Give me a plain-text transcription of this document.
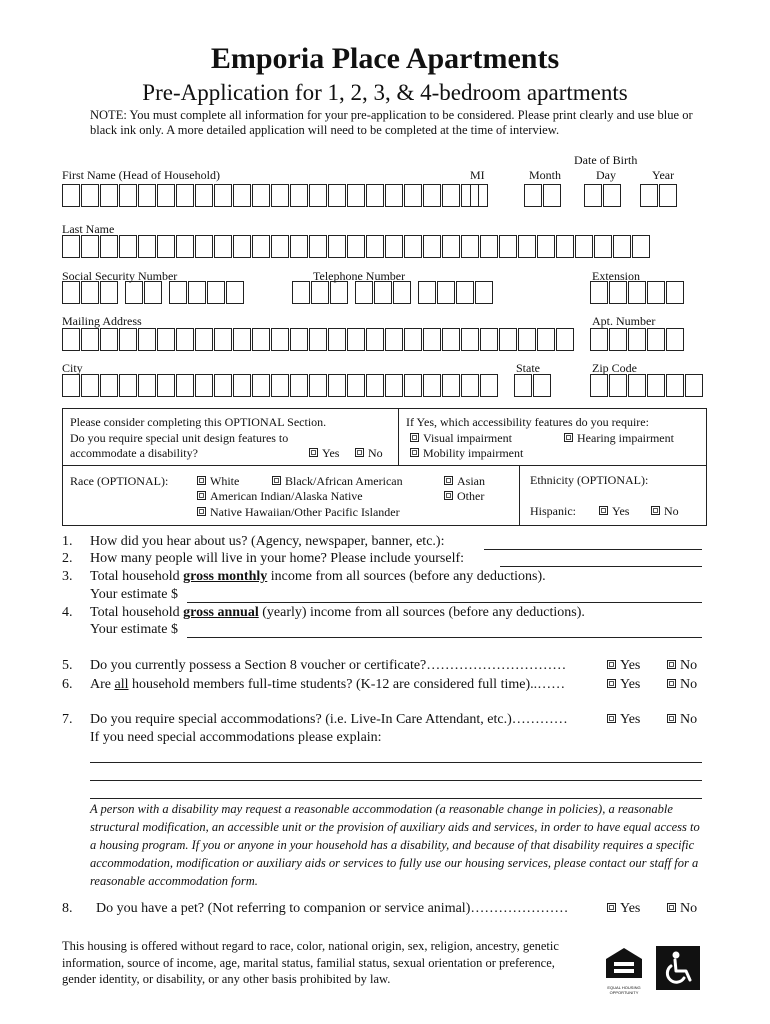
Emporia Place Apartments
Pre-Application for 1, 2, 3, & 4-bedroom apartments
NOTE: You must complete all information for your pre-application to be considered. Please print clearly and use blue or black ink only. A more detailed application will need to be completed at the time of interview.
First Name (Head of Household)	MI
Date of Birth
Month	Day	Year
Last Name
Social Security Number	Telephone Number	Extension
Mailing Address	Apt. Number
City	State	Zip Code
Please consider completing this OPTIONAL Section.
Do you require special unit design features to
accommodate a disability?	Yes	No
If Yes, which accessibility features do you require:
Visual impairment	Hearing impairment
Mobility impairment
Race (OPTIONAL):	White	Black/African American	Asian
American Indian/Alaska Native	Other
Native Hawaiian/Other Pacific Islander
Ethnicity (OPTIONAL):
Hispanic:	Yes	No
1. How did you hear about us? (Agency, newspaper, banner, etc.):
2. How many people will live in your home? Please include yourself:
3. Total household gross monthly income from all sources (before any deductions).
Your estimate $
4. Total household gross annual (yearly) income from all sources (before any deductions).
Your estimate $
5. Do you currently possess a Section 8 voucher or certificate?…………………………	Yes	No
6. Are all household members full-time students? (K-12 are considered full time)..……	Yes	No
7. Do you require special accommodations? (i.e. Live-In Care Attendant, etc.)…………	Yes	No
If you need special accommodations please explain:
A person with a disability may request a reasonable accommodation (a reasonable change in policies), a reasonable structural modification, an accessible unit or the provision of auxiliary aids and services, in order to have equal access to a housing program. If you or anyone in your household has a disability, and because of that disability requires a specific accommodation, modification or auxiliary aids or services to fully use our housing services, please contact our staff for a reasonable accommodation form.
8. Do you have a pet? (Not referring to companion or service animal)…………………	Yes	No
This housing is offered without regard to race, color, national origin, sex, religion, ancestry, genetic information, source of income, age, marital status, familial status, sexual orientation or preference, gender identity, or disability, or any other basis prohibited by law.
EQUAL HOUSING OPPORTUNITY
